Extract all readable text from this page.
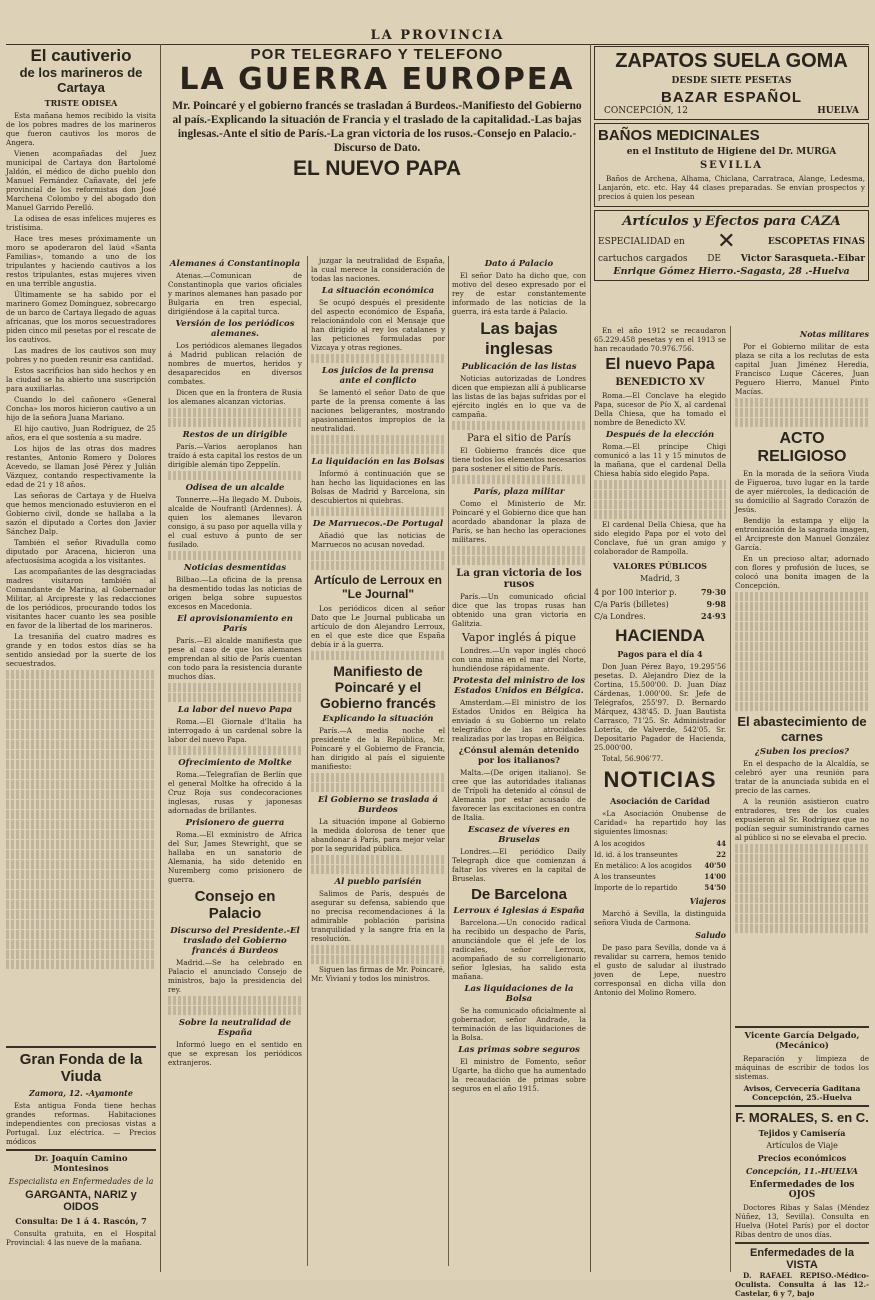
LA PROVINCIA
El cautiverio
de los marineros de Cartaya
TRISTE ODISEA

Esta mañana hemos recibido la visita de los pobres madres de los marineros que fueron cautivos los moros de Angera.

Vienen acompañadas del Juez municipal de Cartaya don Bartolomé Jaldón, el médico de dicho pueblo don Manuel Fernández Cañavate, del jefe provincial de los reformistas don José Marchena Colombo y del abogado don Manuel Garrido Perelló.

La odisea de esas infelices mujeres es tristísima.

Hace tres meses próximamente un moro se apoderaron del laúd «Santa Familias», tomando a uno de los tripulantes y haciendo cautivos a los restos tripulantes, estas mujeres viven en una terrible angustia.

Últimamente se ha sabido por el marinero Gomez Domínguez, sobrecargo de un barco de Cartaya llegado de aguas africanas, que los moros secuestradores piden cinco mil pesetas por el rescate de los cautivos.

Las madres de los cautivos son muy pobres y no pueden reunir esa cantidad.

Estos sacrificios han sido hechos y en la ciudad se ha abierto una suscripción para auxiliarlas.

Cuando lo del cañonero «General Concha» los moros hicieron cautivo a un hijo de la señora Juana Mariano.

El hijo cautivo, Juan Rodríguez, de 25 años, era el que sostenía a su madre.

Los hijos de las otras dos madres restantes, Antonio Romero y Dolores Acevedo, se llaman José Pérez y Julián Vázquez, contando respectivamente la edad de 21 y 18 años.

Las señoras de Cartaya y de Huelva que hemos mencionado estuvieron en el Gobierno civil, donde se hallaba a la sazón el diputado a Cortes don Javier Sánchez Dalp.

También el señor Rivadulla como diputado por Aracena, hicieron una afectuosísima acogida a los visitantes.

Las acompañantes de las desgraciadas madres visitaron también al Comandante de Marina, al Gobernador Militar, al Arcipreste y las redacciones de los periódicos, procurando todos los visitantes hacer cuanto les sea posible en favor de la libertad de los marineros.

La tresaniña del cuatro madres es grande y en todos estos días se ha sentido ansiedad por la suerte de los secuestrados.

Gran Fonda de la Viuda
Zamora, 12. -Ayamonte

Esta antigua Fonda tiene hechas grandes reformas. Habitaciones independientes con preciosas vistas a Portugal. Luz eléctrica. — Precios módicos

Dr. Joaquín Camino Montesinos
Especialista en Enfermedades de la
GARGANTA, NARIZ y OIDOS
Consulta: De 1 á 4. Rascón, 7

Consulta gratuita, en el Hospital Provincial: 4 las nueve de la mañana.

POR TELEGRAFO Y TELEFONO
LA GUERRA EUROPEA
Mr. Poincaré y el gobierno francés se trasladan á Burdeos.-Manifiesto del Gobierno al país.-Explicando la situación de Francia y el traslado de la capitalidad.-Las bajas inglesas.-Ante el sitio de París.-La gran victoria de los rusos.-Consejo en Palacio.-Discurso de Dato.
EL NUEVO PAPA
Alemanes á Constantinopla

Atenas.—Comunican de Constantinopla que varios oficiales y marinos alemanes han pasado por Bulgaria en tren especial, dirigiéndose á la capital turca.

Versión de los periódicos alemanes.

Los periódicos alemanes llegados á Madrid publican relación de nombres de muertos, heridos y desaparecidos en diversos combates.

Dicen que en la frontera de Rusia los alemanes alcanzan victorias.

Restos de un dirigible

París.—Varios aeroplanos han traído á esta capital los restos de un dirigible alemán tipo Zeppelín.

Odisea de un alcalde

Tonnerre.—Ha llegado M. Dubois, alcalde de Noufrantl (Ardennes). Á quien los alemanes llevaron consigo, á su paso por aquella villa y el cual estuvo á punto de ser fusilado.

Noticias desmentidas

Bilbao.—La oficina de la prensa ha desmentido todas las noticias de origen belga sobre supuestos excesos en Macedonia.

El aprovisionamiento en París

París.—El alcalde manifiesta que pese al caso de que los alemanes emprendan al sitio de París cuentan con todo para la resistencia durante muchos días.

La labor del nuevo Papa

Roma.—El Giornale d'Italia ha interrogado á un cardenal sobre la labor del nuevo Papa.

Ofrecimiento de Moltke

Roma.—Telegrafían de Berlín que el general Moltke ha ofrecido á la Cruz Roja sus condecoraciones inglesas, rusas y japonesas adornadas de brillantes.

Prisionero de guerra

Roma.—El exministro de Africa del Sur, James Stewright, que se hallaba en un sanatorio de Alemania, ha sido detenido en Nuremberg como prisionero de guerra.

Consejo en Palacio
Discurso del Presidente.-El traslado del Gobierno francés á Burdeos

Madrid.—Se ha celebrado en Palacio el anunciado Consejo de ministros, bajo la presidencia del rey.

Sobre la neutralidad de España

Informó luego en el sentido en que se expresan los periódicos extranjeros.

juzgar la neutralidad de España, la cual merece la consideración de todas las naciones.

La situación económica

Se ocupó después el presidente del aspecto económico de España, relacionándolo con el Mensaje que han dirigido al rey los catalanes y las peticiones formuladas por Vizcaya y otras regiones.

Los juicios de la prensa ante el conflicto

Se lamentó el señor Dato de que parte de la prensa comente á las naciones beligerantes, mostrando apasionamientos impropios de la neutralidad.

La liquidación en las Bolsas

Informó á continuación que se han hecho las liquidaciones en las Bolsas de Madrid y Barcelona, sin descubiertos ni quiebras.

De Marruecos.-De Portugal

Añadió que las noticias de Marruecos no acusan novedad.

Artículo de Lerroux en "Le Journal"

Los periódicos dicen al señor Dato que Le Journal publicaba un artículo de don Alejandro Lerroux, en el que este dice que España debía ir á la guerra.

Manifiesto de Poincaré y el Gobierno francés
Explicando la situación

París.—A media noche el presidente de la República, Mr. Poincaré y el Gobierno de Francia, han dirigido al país el siguiente manifiesto:

El Gobierno se traslada á Burdeos

La situación impone al Gobierno la medida dolorosa de tener que abandonar á París, para mejor velar por la seguridad pública.

Al pueblo parisién

Salimos de París, después de asegurar su defensa, sabiendo que no precisa recomendaciones á la admirable población parisina tranquilidad y la sangre fría en la resolución.

Siguen las firmas de Mr. Poincaré, Mr. Viviani y todos los ministros.

Dato á Palacio

El señor Dato ha dicho que, con motivo del deseo expresado por el rey de estar constantemente informado de las noticias de la guerra, irá esta tarde á Palacio.

Las bajas inglesas
Publicación de las listas

Noticias autorizadas de Londres dicen que empiezan allí á publicarse las listas de las bajas sufridas por el ejército inglés en lo que va de campaña.

Para el sitio de París

El Gobierno francés dice que tiene todos los elementos necesarios para sostener el sitio de París.

París, plaza militar

Como el Ministerio de Mr. Poincaré y el Gobierno dice que han acordado abandonar la plaza de París, se han hecho las operaciones militares.

La gran victoria de los rusos

París.—Un comunicado oficial dice que las tropas rusas han obtenido una gran victoria en Galitzia.

Vapor inglés á pique

Londres.—Un vapor inglés chocó con una mina en el mar del Norte, hundiéndose rápidamente.

Protesta del ministro de los Estados Unidos en Bélgica.

Amsterdam.—El ministro de los Estados Unidos en Bélgica ha enviado á su Gobierno un relato telegráfico de las atrocidades realizadas por las tropas en Bélgica.

¿Cónsul alemán detenido por los italianos?

Malta.—(De origen italiano). Se cree que las autoridades italianas de Trípoli ha detenido al cónsul de Alemania por estar acusado de favorecer las excitaciones en contra de Italia.

Escasez de víveres en Bruselas

Londres.—El periódico Daily Telegraph dice que comienzan á faltar los víveres en la capital de Bruselas.

De Barcelona
Lerroux é Iglesias á España

Barcelona.—Un conocido radical ha recibido un despacho de París, anunciándole que él jefe de los radicales, señor Lerroux, acompañado de su correligionario señor Iglesias, ha salido esta mañana.

Las liquidaciones de la Bolsa

Se ha comunicado oficialmente al gobernador, señor Andrade, la terminación de las liquidaciones de la Bolsa.

Las primas sobre seguros

El ministro de Fomento, señor Ugarte, ha dicho que ha aumentado la recaudación de primas sobre seguros en el año 1915.

ZAPATOS SUELA GOMA
DESDE SIETE PESETAS
BAZAR ESPAÑOL
CONCEPCIÓN, 12	HUELVA
BAÑOS MEDICINALES
en el Instituto de Higiene del Dr. MURGA
SEVILLA

Baños de Archena, Alhama, Chiclana, Carratraca, Alange, Ledesma, Lanjarón, etc. etc. Hay 44 clases preparadas. Se envían prospectos y precios á quien los pesean

Artículos y Efectos para CAZA
ESPECIALIDAD en ✕	ESCOPETAS FINAS
cartuchos cargados DE Victor Sarasqueta.-Eibar
Enrique Gómez Hierro.-Sagasta, 28 .-Huelva

En el año 1912 se recaudaron 65.229.458 pesetas y en el 1913 se han recaudado 70.976.756.

El nuevo Papa
BENEDICTO XV

Roma.—El Conclave ha elegido Papa, sucesor de Pío X, al cardenal Della Chiesa, que ha tomado el nombre de Benedicto XV.

Después de la elección

Roma.—El príncipe Chigi comunicó a las 11 y 15 minutos de la mañana, que el cardenal Della Chiesa había sido elegido Papa.

El cardenal Della Chiesa, que ha sido elegido Papa por el voto del Conclave, fué un gran amigo y colaborador de Rampolla.

VALORES PÚBLICOS
Madrid, 3
4 por 100 interior p.	79·30
C/a Paris (billetes)	9·98
C/a Londres.	24·93
HACIENDA
Pagos para el día 4

Don Juan Pérez Bayo, 19.295'56 pesetas. D. Alejandro Diez de la Cortina, 15.500'00. D. Juan Díaz Cárdenas, 1.000'00. Sr. Jefe de Telégrafos, 255'97. D. Bernardo Márquez, 438'45. D. Juan Bautista Carrasco, 71'25. Sr. Administrador Lotería, de Valverde, 542'05. Sr. Depositario Pagador de Hacienda, 25.000'00.

Total, 56.906'77.

NOTICIAS
Asociación de Caridad

«La Asociación Onubense de Caridad» ha repartido hoy las siguientes limosnas:

A los acogidos	44
Id. id. á los transeuntes	22
En metálico: A los acogidos	40'50
A los transeuntes	14'00
Importe de lo repartido	54'50
Viajeros

Marchó á Sevilla, la distinguida señora Viuda de Carmona.

Saludo

De paso para Sevilla, donde va á revalidar su carrera, hemos tenido el gusto de saludar al ilustrado joven de Lepe, nuestro corresponsal en dicha villa don Antonio del Molino Romero.

Notas militares

Por el Gobierno militar de esta plaza se cita a los reclutas de esta capital Juan Jiménez Heredia, Francisco Luque Cáceres, Juan Peguero Hierro, Manuel Pinto Macías.

ACTO RELIGIOSO

En la morada de la señora Viuda de Figueroa, tuvo lugar en la tarde de ayer miércoles, la dedicación de su domicilio al Sagrado Corazón de Jesús.

Bendijo la estampa y elijo la entronización de la sagrada imagen, el Arcipreste don Manuel González García.

En un precioso altar, adornado con flores y profusión de luces, se colocó una bonita imagen de la Concepción.

El abastecimiento de carnes
¿Suben los precios?

En el despacho de la Alcaldía, se celebró ayer una reunión para tratar de la anunciada subida en el precio de las carnes.

A la reunión asistieron cuatro entradores, tres de los cuales expusieron al Sr. Rodríguez que no podían seguir suministrando carnes al público si no se elevaba el precio.

Vicente García Delgado, (Mecánico)

Reparación y limpieza de máquinas de escribir de todos los sistemas.

Avisos, Cervecería Gaditana Concepción, 25.-Huelva
F. MORALES, S. en C.
Tejidos y Camisería
Artículos de Viaje
Precios económicos
Concepción, 11.-HUELVA
Enfermedades de los OJOS

Doctores Ribas y Salas (Méndez Núñez, 13, Sevilla). Consulta en Huelva (Hotel París) por el doctor Ribas dentro de unos días.

Enfermedades de la VISTA

D. RAFAEL REPISO.-Médico-Oculista. Consulta á las 12.-Castelar, 6 y 7, bajo
